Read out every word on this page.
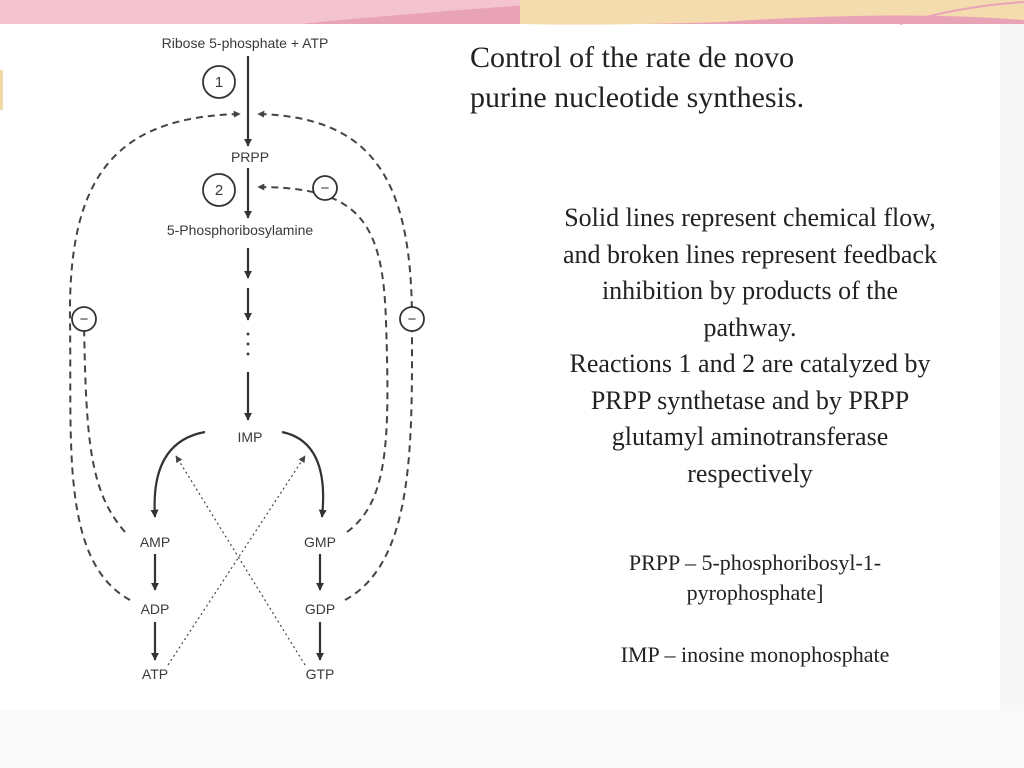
Ribose 5-phosphate + ATP
1
PRPP
2
5-Phosphoribosylamine
IMP
AMP
ADP
ATP
GMP
GDP
GTP
−	−
−
Control of the rate de novo
purine nucleotide synthesis.
Solid lines represent chemical flow,
and broken lines represent feedback
inhibition by products of the
pathway.
Reactions 1 and 2 are catalyzed by
PRPP synthetase and by PRPP
glutamyl aminotransferase
respectively
PRPP – 5-phosphoribosyl-1-
pyrophosphate]
IMP – inosine monophosphate
